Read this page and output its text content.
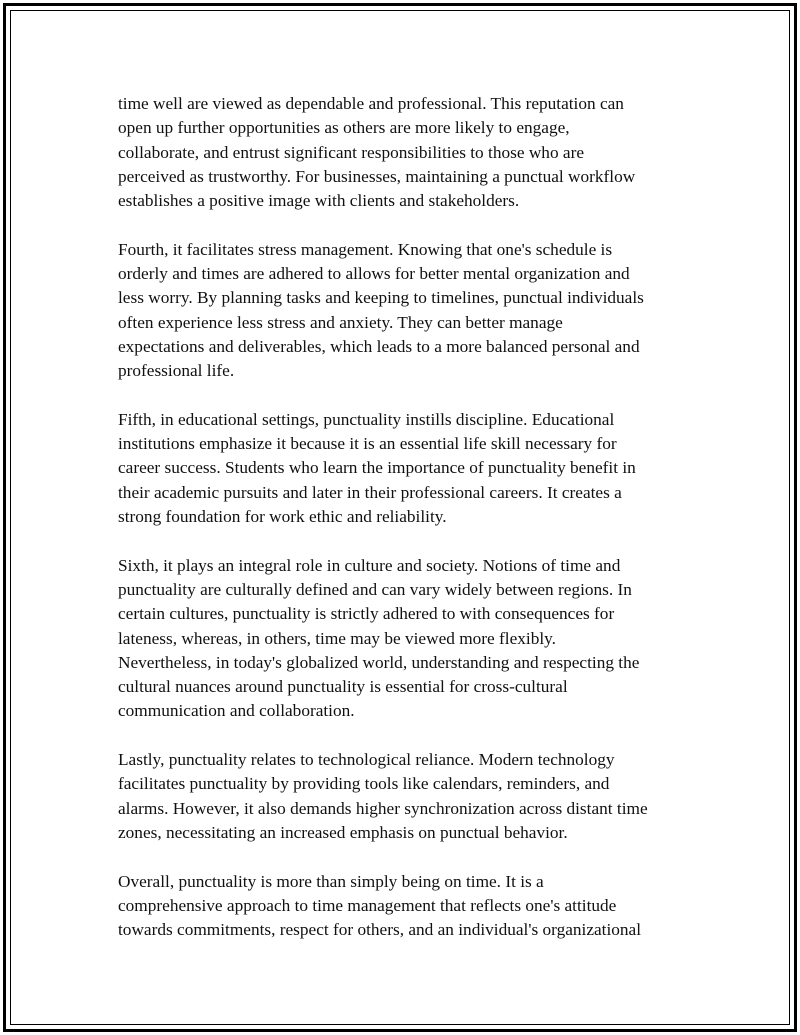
time well are viewed as dependable and professional. This reputation can
open up further opportunities as others are more likely to engage,
collaborate, and entrust significant responsibilities to those who are
perceived as trustworthy. For businesses, maintaining a punctual workflow
establishes a positive image with clients and stakeholders.

Fourth, it facilitates stress management. Knowing that one's schedule is
orderly and times are adhered to allows for better mental organization and
less worry. By planning tasks and keeping to timelines, punctual individuals
often experience less stress and anxiety. They can better manage
expectations and deliverables, which leads to a more balanced personal and
professional life.

Fifth, in educational settings, punctuality instills discipline. Educational
institutions emphasize it because it is an essential life skill necessary for
career success. Students who learn the importance of punctuality benefit in
their academic pursuits and later in their professional careers. It creates a
strong foundation for work ethic and reliability.

Sixth, it plays an integral role in culture and society. Notions of time and
punctuality are culturally defined and can vary widely between regions. In
certain cultures, punctuality is strictly adhered to with consequences for
lateness, whereas, in others, time may be viewed more flexibly.
Nevertheless, in today's globalized world, understanding and respecting the
cultural nuances around punctuality is essential for cross-cultural
communication and collaboration.

Lastly, punctuality relates to technological reliance. Modern technology
facilitates punctuality by providing tools like calendars, reminders, and
alarms. However, it also demands higher synchronization across distant time
zones, necessitating an increased emphasis on punctual behavior.

Overall, punctuality is more than simply being on time. It is a
comprehensive approach to time management that reflects one's attitude
towards commitments, respect for others, and an individual's organizational
